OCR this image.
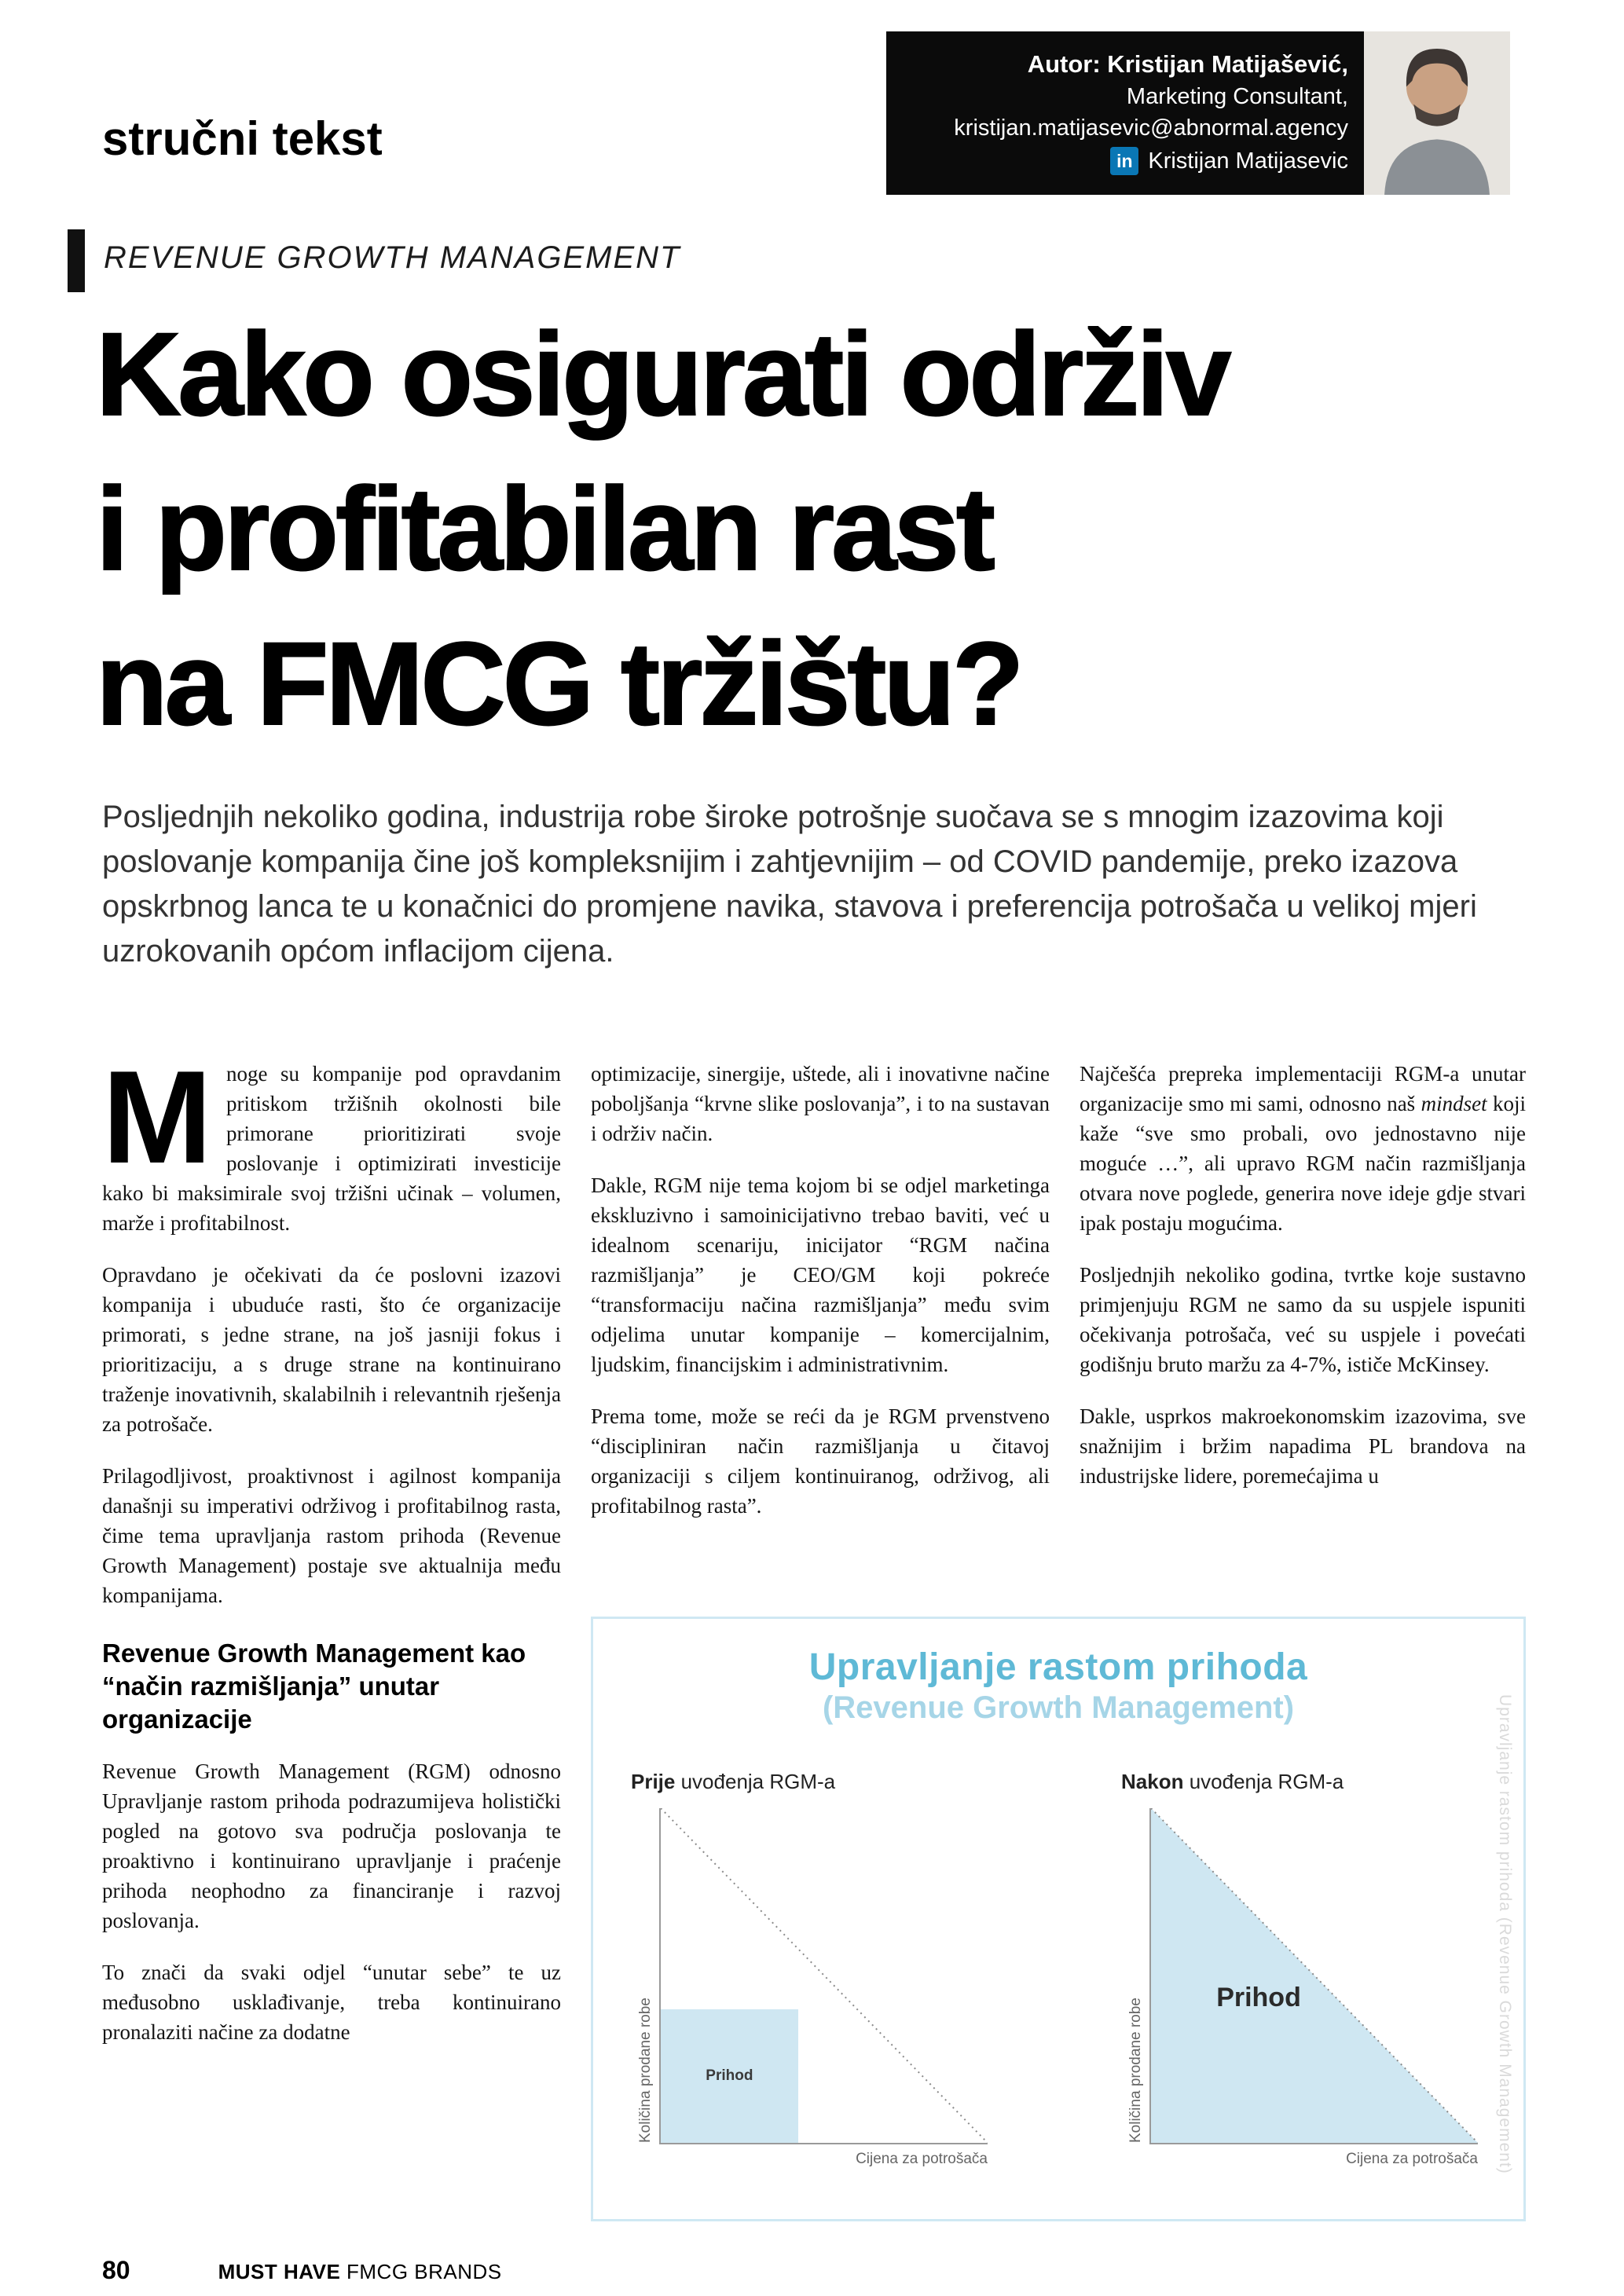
stručni tekst
Autor: Kristijan Matijašević,
Marketing Consultant,
kristijan.matijasevic@abnormal.agency
in Kristijan Matijasevic
REVENUE GROWTH MANAGEMENT
Kako osigurati održiv
i profitabilan rast
na FMCG tržištu?

Posljednjih nekoliko godina, industrija robe široke potrošnje suočava se s mnogim izazovima koji poslovanje kompanija čine još kompleksnijim i zahtjevnijim – od COVID pandemije, preko izazova opskrbnog lanca te u konačnici do promjene navika, stavova i preferencija potrošača u velikoj mjeri uzrokovanih općom inflacijom cijena.

Mnoge su kompanije pod opravdanim pritiskom tržišnih okolnosti bile primorane prioritizirati svoje poslovanje i optimizirati investicije kako bi maksimirale svoj tržišni učinak – volumen, marže i profitabilnost.

Opravdano je očekivati da će poslovni izazovi kompanija i ubuduće rasti, što će organizacije primorati, s jedne strane, na još jasniji fokus i prioritizaciju, a s druge strane na kontinuirano traženje inovativnih, skalabilnih i relevantnih rješenja za potrošače.

Prilagodljivost, proaktivnost i agilnost kompanija današnji su imperativi održivog i profitabilnog rasta, čime tema upravljanja rastom prihoda (Revenue Growth Management) postaje sve aktualnija među kompanijama.

Revenue Growth Management kao “način razmišljanja” unutar organizacije

Revenue Growth Management (RGM) odnosno Upravljanje rastom prihoda podrazumijeva holistički pogled na gotovo sva područja poslovanja te proaktivno i kontinuirano upravljanje i praćenje prihoda neophodno za financiranje i razvoj poslovanja.

To znači da svaki odjel “unutar sebe” te uz međusobno usklađivanje, treba kontinuirano pronalaziti načine za dodatne

optimizacije, sinergije, uštede, ali i inovativne načine poboljšanja “krvne slike poslovanja”, i to na sustavan i održiv način.

Dakle, RGM nije tema kojom bi se odjel marketinga ekskluzivno i samoinicijativno trebao baviti, već u idealnom scenariju, inicijator “RGM načina razmišljanja” je CEO/GM koji pokreće “transformaciju načina razmišljanja” među svim odjelima unutar kompanije – komercijalnim, ljudskim, financijskim i administrativnim.

Prema tome, može se reći da je RGM prvenstveno “discipliniran način razmišljanja u čitavoj organizaciji s ciljem kontinuiranog, održivog, ali profitabilnog rasta”.

Najčešća prepreka implementaciji RGM-a unutar organizacije smo mi sami, odnosno naš mindset koji kaže “sve smo probali, ovo jednostavno nije moguće …”, ali upravo RGM način razmišljanja otvara nove poglede, generira nove ideje gdje stvari ipak postaju mogućima.

Posljednjih nekoliko godina, tvrtke koje sustavno primjenjuju RGM ne samo da su uspjele ispuniti očekivanja potrošača, već su uspjele i povećati godišnju bruto maržu za 4-7%, ističe McKinsey.

Dakle, usprkos makroekonomskim izazovima, sve snažnijim i bržim napadima PL brandova na industrijske lidere, poremećajima u

Upravljanje rastom prihoda
(Revenue Growth Management)
Prije uvođenja RGM-a
Prihod
Količina prodane robe
Cijena za potrošača
Nakon uvođenja RGM-a
Prihod
Količina prodane robe
Cijena za potrošača Upravljanje rastom prihoda (Revenue Growth Management)
80	MUST HAVE FMCG BRANDS
